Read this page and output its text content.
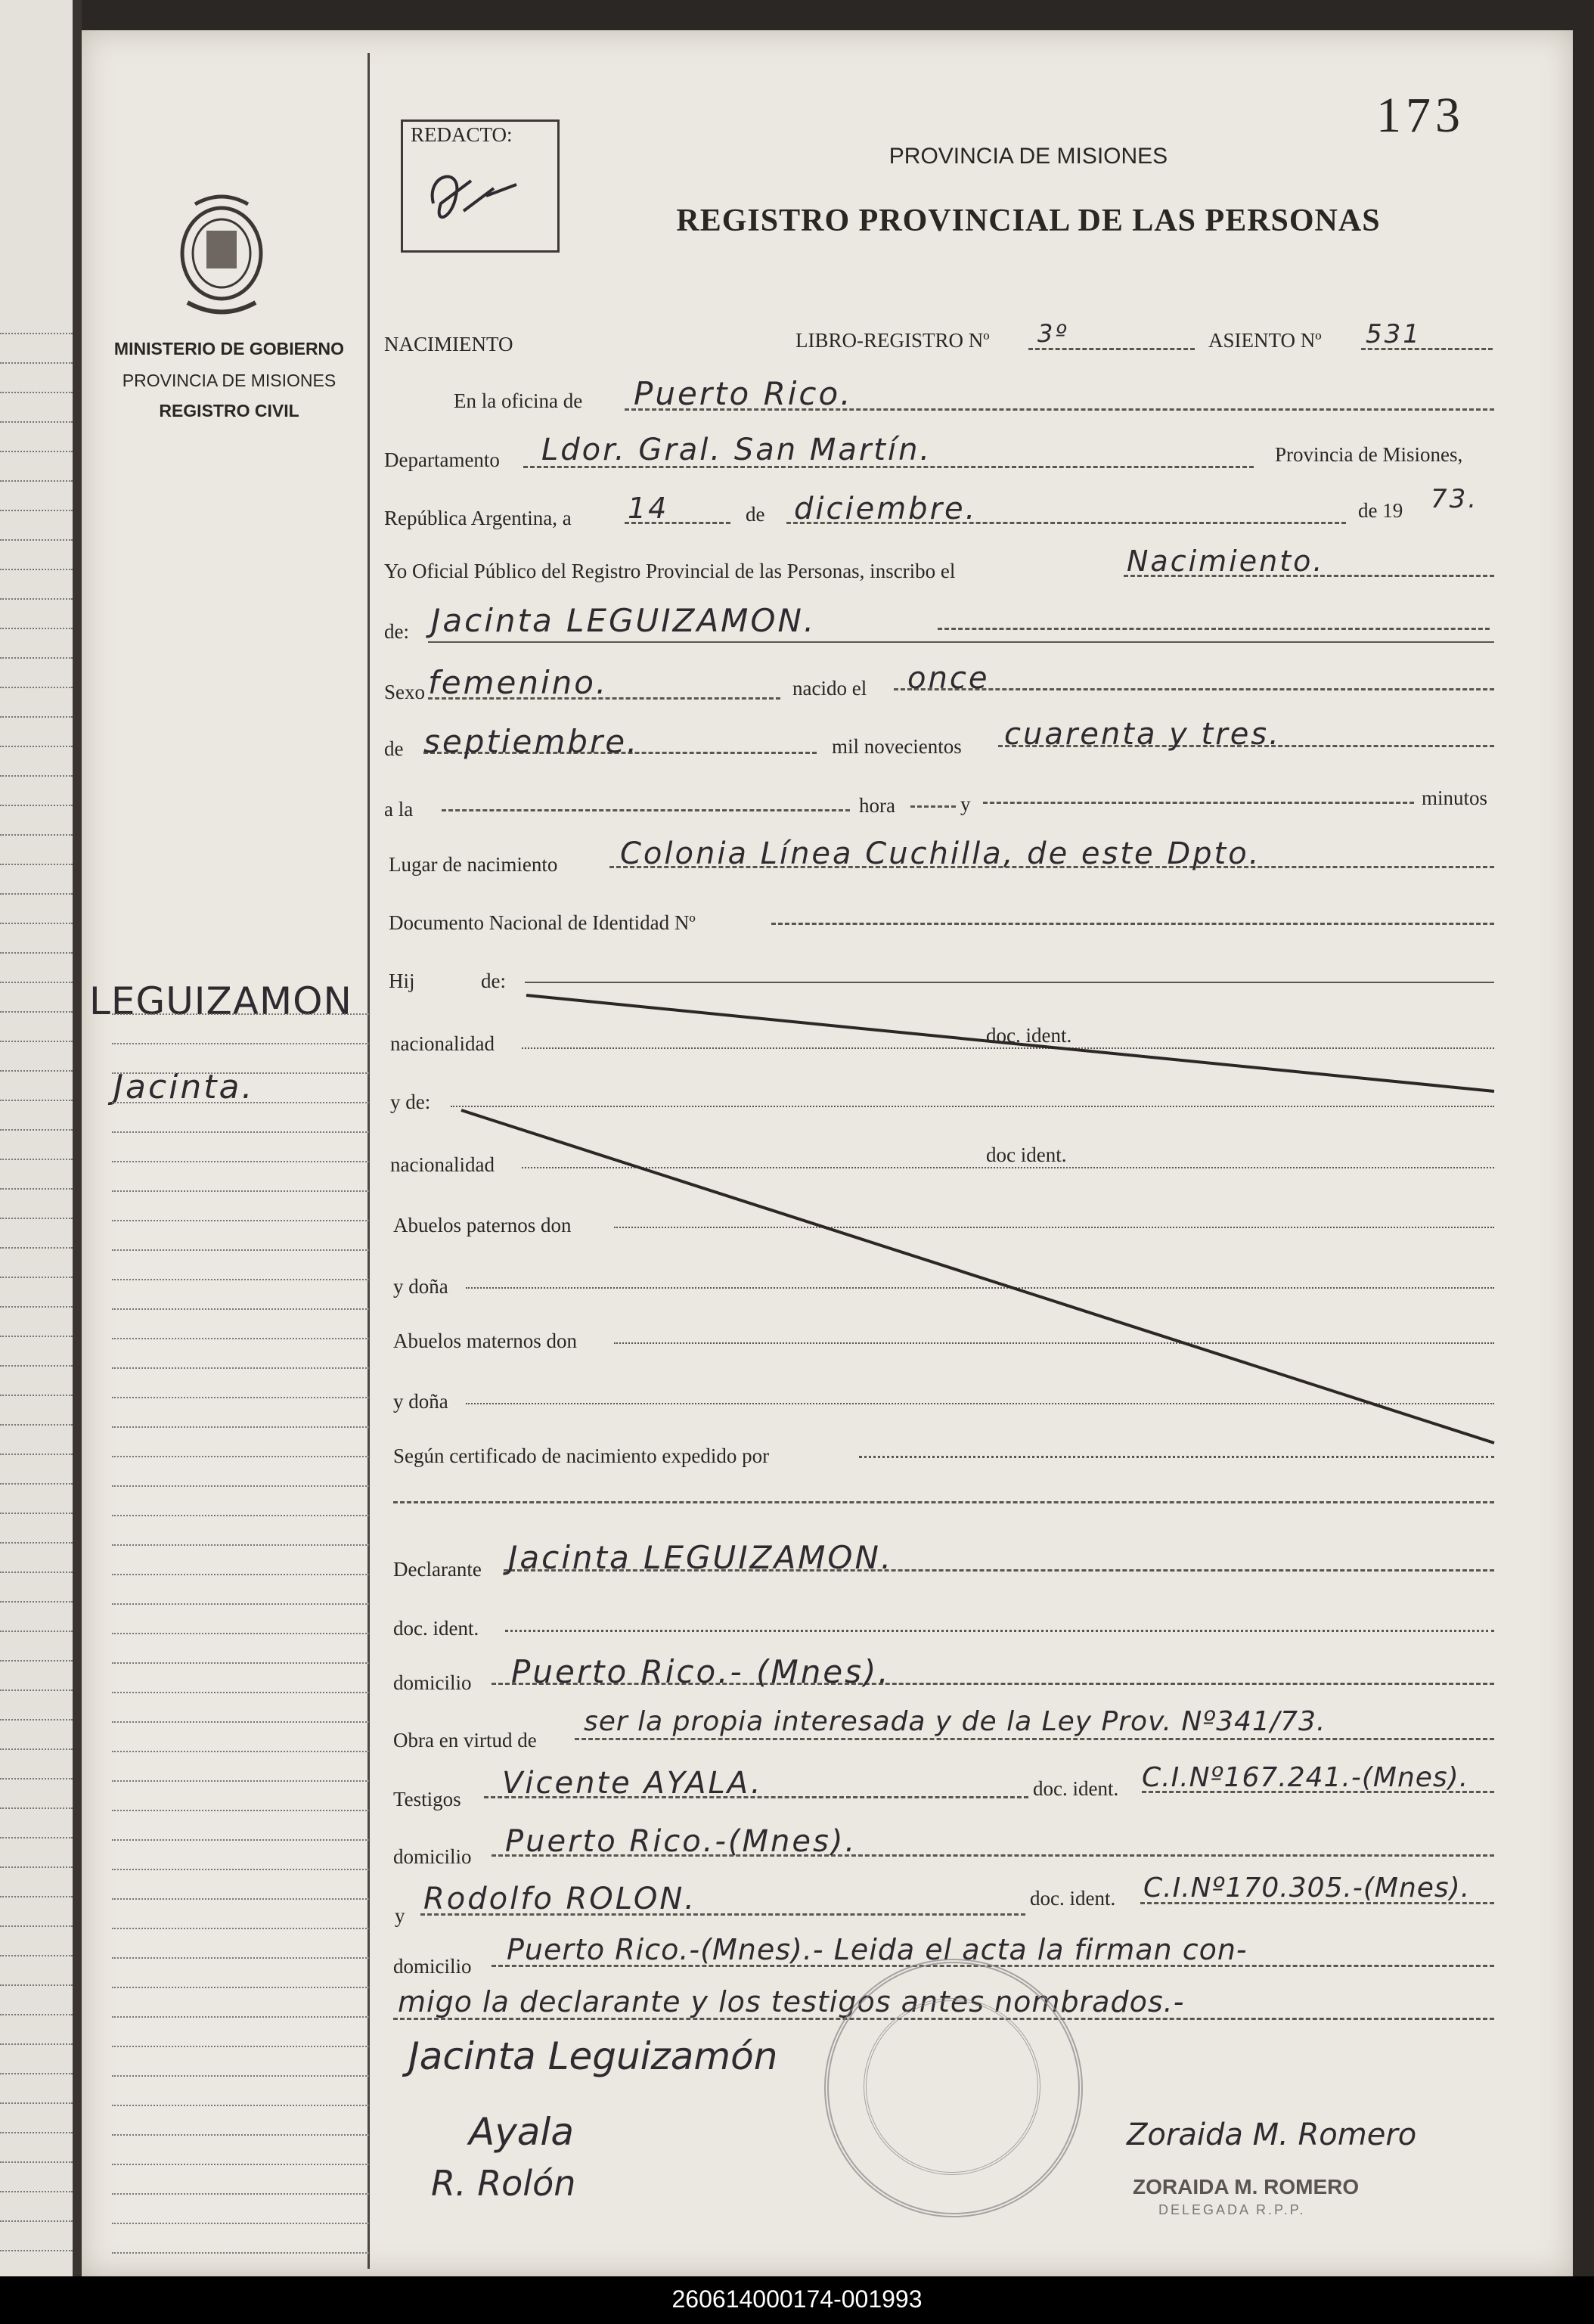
MINISTERIO DE GOBIERNO
PROVINCIA DE MISIONES
REGISTRO CIVIL
LEGUIZAMON
Jacinta.
REDACTO:	173
PROVINCIA DE MISIONES
REGISTRO PROVINCIAL DE LAS PERSONAS
NACIMIENTO	LIBRO-REGISTRO Nº 3º	ASIENTO Nº 531
En la oficina de Puerto Rico.
Departamento Ldor. Gral. San Martín.	Provincia de Misiones,
República Argentina, a 14	de diciembre.	de 19 73.
Yo Oficial Público del Registro Provincial de las Personas, inscribo el	Nacimiento.
de: Jacinta LEGUIZAMON.
Sexo femenino.	nacido el once
de septiembre.	mil novecientos cuarenta y tres.
a la	hora	y	minutos
Lugar de nacimiento Colonia Línea Cuchilla, de este Dpto.
Documento Nacional de Identidad Nº
Hij	de:
nacionalidad	doc. ident.
y de:
nacionalidad	doc ident.
Abuelos paternos don
y doña
Abuelos maternos don
y doña
Según certificado de nacimiento expedido por
Declarante Jacinta LEGUIZAMON.
doc. ident.
domicilio Puerto Rico.- (Mnes).
Obra en virtud de
ser la propia interesada y de la Ley Prov. Nº341/73.
Testigos Vicente AYALA.	doc. ident. C.I.Nº167.241.-(Mnes).
domicilio Puerto Rico.-(Mnes).
y Rodolfo ROLON.	doc. ident. C.I.Nº170.305.-(Mnes).
domicilio Puerto Rico.-(Mnes).- Leida el acta la firman con-
migo la declarante y los testigos antes nombrados.-
Jacinta Leguizamón
Ayala
R. Rolón
Zoraida M. Romero
ZORAIDA M. ROMERO
DELEGADA R.P.P.
260614000174-001993
